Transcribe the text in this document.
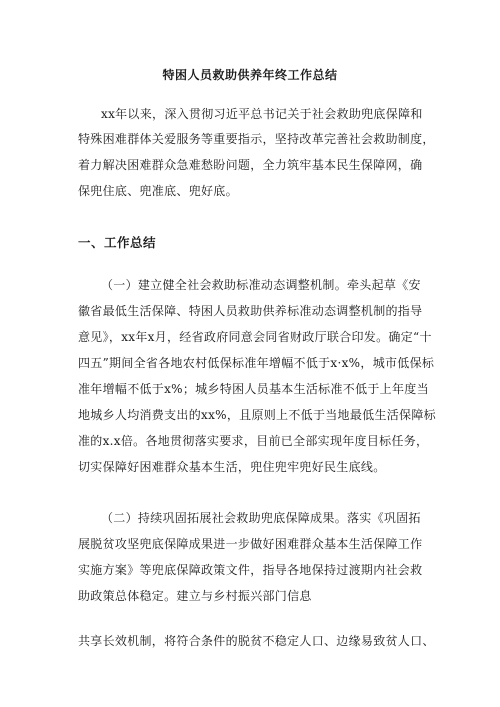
特困人员救助供养年终工作总结
xx年以来，深入贯彻习近平总书记关于社会救助兜底保障和
特殊困难群体关爱服务等重要指示，坚持改革完善社会救助制度，
着力解决困难群众急难愁盼问题，全力筑牢基本民生保障网，确
保兜住底、兜准底、兜好底。
一、工作总结
（一）建立健全社会救助标准动态调整机制。牵头起草《安
徽省最低生活保障、特困人员救助供养标准动态调整机制的指导
意见》，xx年x月，经省政府同意会同省财政厅联合印发。确定“十
四五”期间全省各地农村低保标准年增幅不低于x·x%，城市低保标
准年增幅不低于x%；城乡特困人员基本生活标准不低于上年度当
地城乡人均消费支出的xx%，且原则上不低于当地最低生活保障标
准的x.x倍。各地贯彻落实要求，目前已全部实现年度目标任务，
切实保障好困难群众基本生活，兜住兜牢兜好民生底线。
（二）持续巩固拓展社会救助兜底保障成果。落实《巩固拓
展脱贫攻坚兜底保障成果进一步做好困难群众基本生活保障工作
实施方案》等兜底保障政策文件，指导各地保持过渡期内社会救
助政策总体稳定。建立与乡村振兴部门信息
共享长效机制，将符合条件的脱贫不稳定人口、边缘易致贫人口、
